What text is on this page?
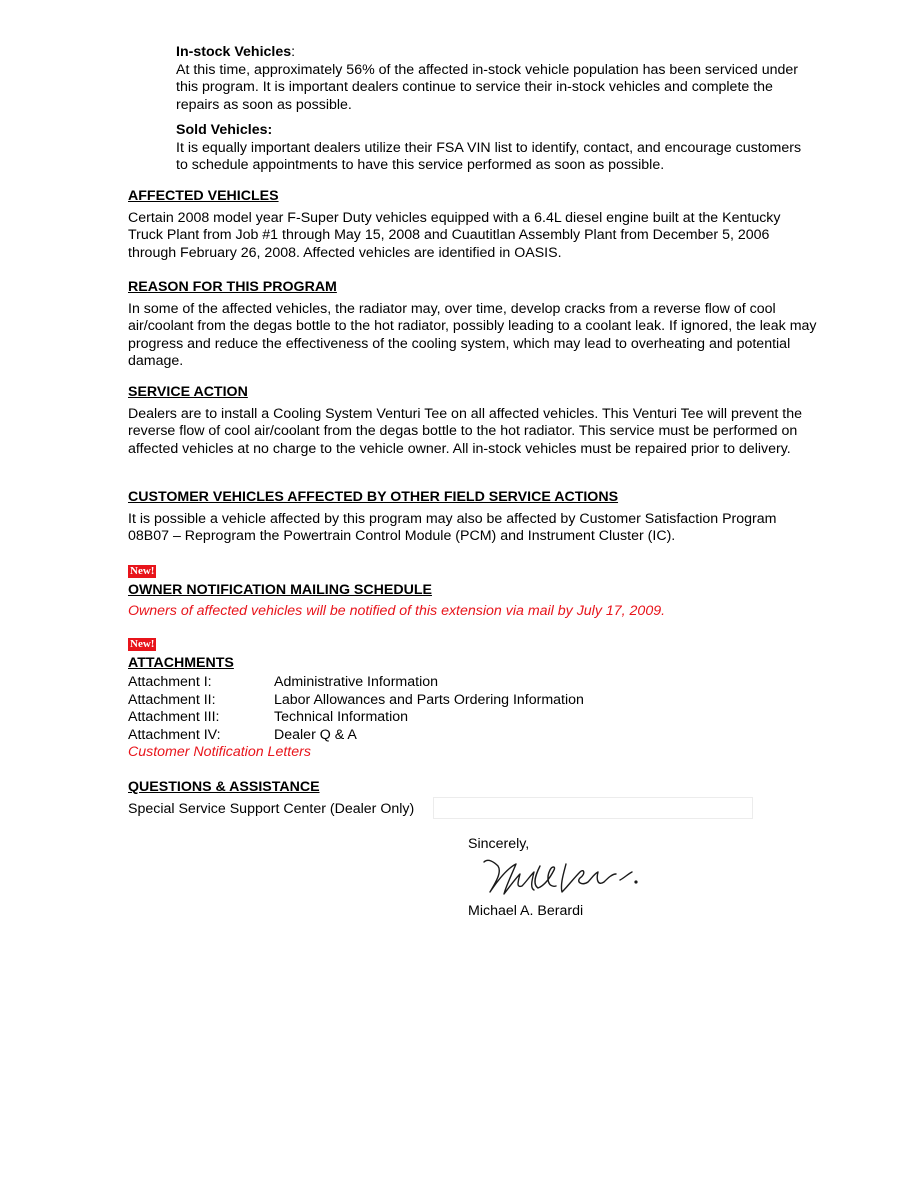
In-stock Vehicles:

At this time, approximately 56% of the affected in-stock vehicle population has been serviced under this program. It is important dealers continue to service their in-stock vehicles and complete the repairs as soon as possible.

Sold Vehicles:

It is equally important dealers utilize their FSA VIN list to identify, contact, and encourage customers to schedule appointments to have this service performed as soon as possible.

AFFECTED VEHICLES

Certain 2008 model year F-Super Duty vehicles equipped with a 6.4L diesel engine built at the Kentucky Truck Plant from Job #1 through May 15, 2008 and Cuautitlan Assembly Plant from December 5, 2006 through February 26, 2008. Affected vehicles are identified in OASIS.

REASON FOR THIS PROGRAM

In some of the affected vehicles, the radiator may, over time, develop cracks from a reverse flow of cool air/coolant from the degas bottle to the hot radiator, possibly leading to a coolant leak. If ignored, the leak may progress and reduce the effectiveness of the cooling system, which may lead to overheating and potential damage.

SERVICE ACTION

Dealers are to install a Cooling System Venturi Tee on all affected vehicles. This Venturi Tee will prevent the reverse flow of cool air/coolant from the degas bottle to the hot radiator. This service must be performed on affected vehicles at no charge to the vehicle owner. All in-stock vehicles must be repaired prior to delivery.

CUSTOMER VEHICLES AFFECTED BY OTHER FIELD SERVICE ACTIONS

It is possible a vehicle affected by this program may also be affected by Customer Satisfaction Program 08B07 – Reprogram the Powertrain Control Module (PCM) and Instrument Cluster (IC).

New!

OWNER NOTIFICATION MAILING SCHEDULE

Owners of affected vehicles will be notified of this extension via mail by July 17, 2009.

New!

ATTACHMENTS

Attachment I:	Administrative Information
Attachment II:	Labor Allowances and Parts Ordering Information
Attachment III:	Technical Information
Attachment IV:	Dealer Q & A

Customer Notification Letters

QUESTIONS & ASSISTANCE

Special Service Support Center (Dealer Only)

Sincerely,
Michael A. Berardi
